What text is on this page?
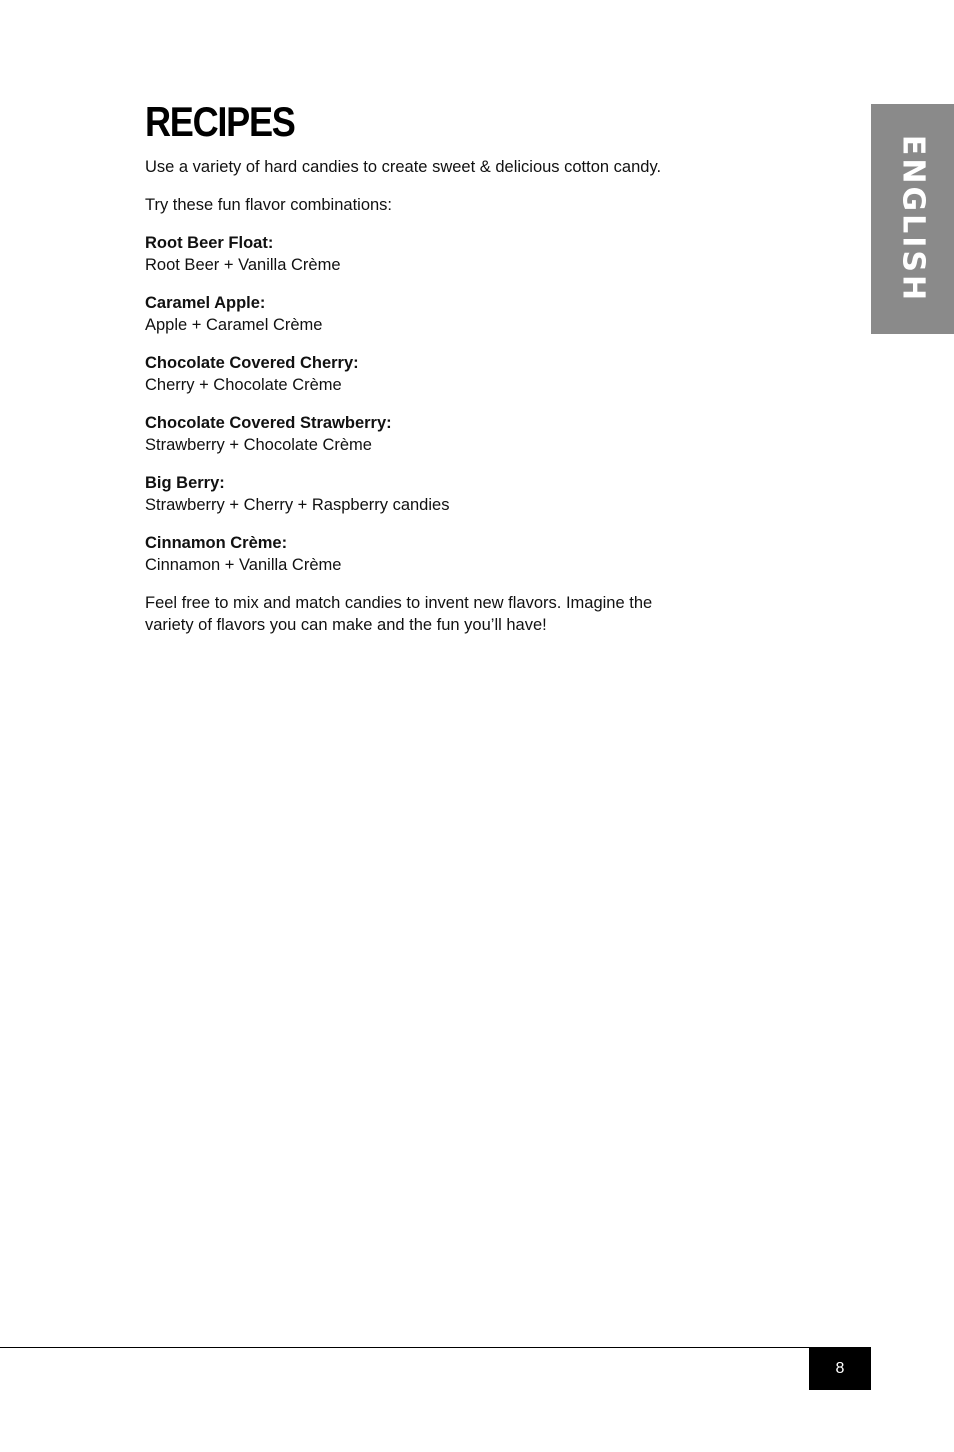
RECIPES

Use a variety of hard candies to create sweet & delicious cotton candy.

Try these fun flavor combinations:

Root Beer Float:
Root Beer + Vanilla Crème
Caramel Apple:
Apple + Caramel Crème
Chocolate Covered Cherry:
Cherry + Chocolate Crème
Chocolate Covered Strawberry:
Strawberry + Chocolate Crème
Big Berry:
Strawberry + Cherry + Raspberry candies
Cinnamon Crème:
Cinnamon + Vanilla Crème

Feel free to mix and match candies to invent new flavors. Imagine the variety of flavors you can make and the fun you’ll have!

ENGLISH
8
